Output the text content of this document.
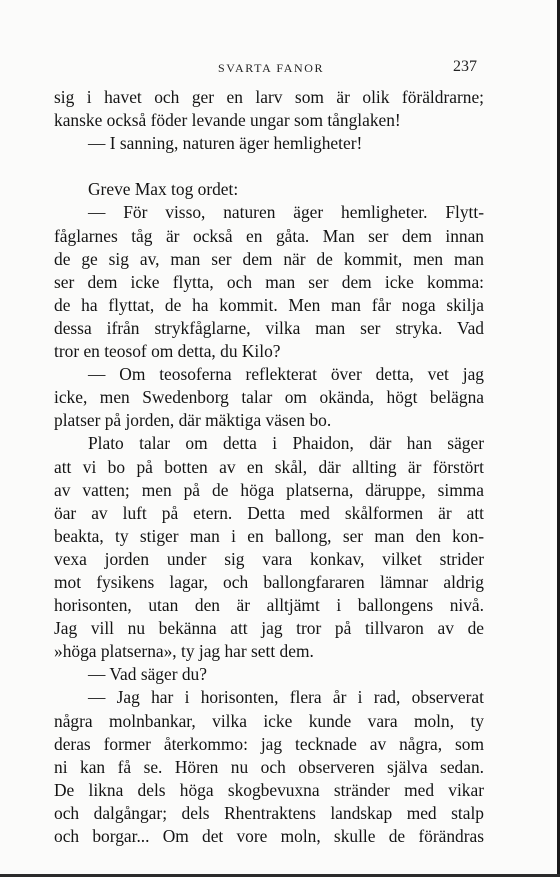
SVARTA FANOR	237
sig i havet och ger en larv som är olik föräldrarne;
kanske också föder levande ungar som tånglaken!
— I sanning, naturen äger hemligheter!
Greve Max tog ordet:
— För visso, naturen äger hemligheter. Flytt-
fåglarnes tåg är också en gåta. Man ser dem innan
de ge sig av, man ser dem när de kommit, men man
ser dem icke flytta, och man ser dem icke komma:
de ha flyttat, de ha kommit. Men man får noga skilja
dessa ifrån strykfåglarne, vilka man ser stryka. Vad
tror en teosof om detta, du Kilo?
— Om teosoferna reflekterat över detta, vet jag
icke, men Swedenborg talar om okända, högt belägna
platser på jorden, där mäktiga väsen bo.
Plato talar om detta i Phaidon, där han säger
att vi bo på botten av en skål, där allting är förstört
av vatten; men på de höga platserna, däruppe, simma
öar av luft på etern. Detta med skålformen är att
beakta, ty stiger man i en ballong, ser man den kon-
vexa jorden under sig vara konkav, vilket strider
mot fysikens lagar, och ballongfararen lämnar aldrig
horisonten, utan den är alltjämt i ballongens nivå.
Jag vill nu bekänna att jag tror på tillvaron av de
»höga platserna», ty jag har sett dem.
— Vad säger du?
— Jag har i horisonten, flera år i rad, observerat
några molnbankar, vilka icke kunde vara moln, ty
deras former återkommo: jag tecknade av några, som
ni kan få se. Hören nu och observeren själva sedan.
De likna dels höga skogbevuxna stränder med vikar
och dalgångar; dels Rhentraktens landskap med stalp
och borgar... Om det vore moln, skulle de förändras
